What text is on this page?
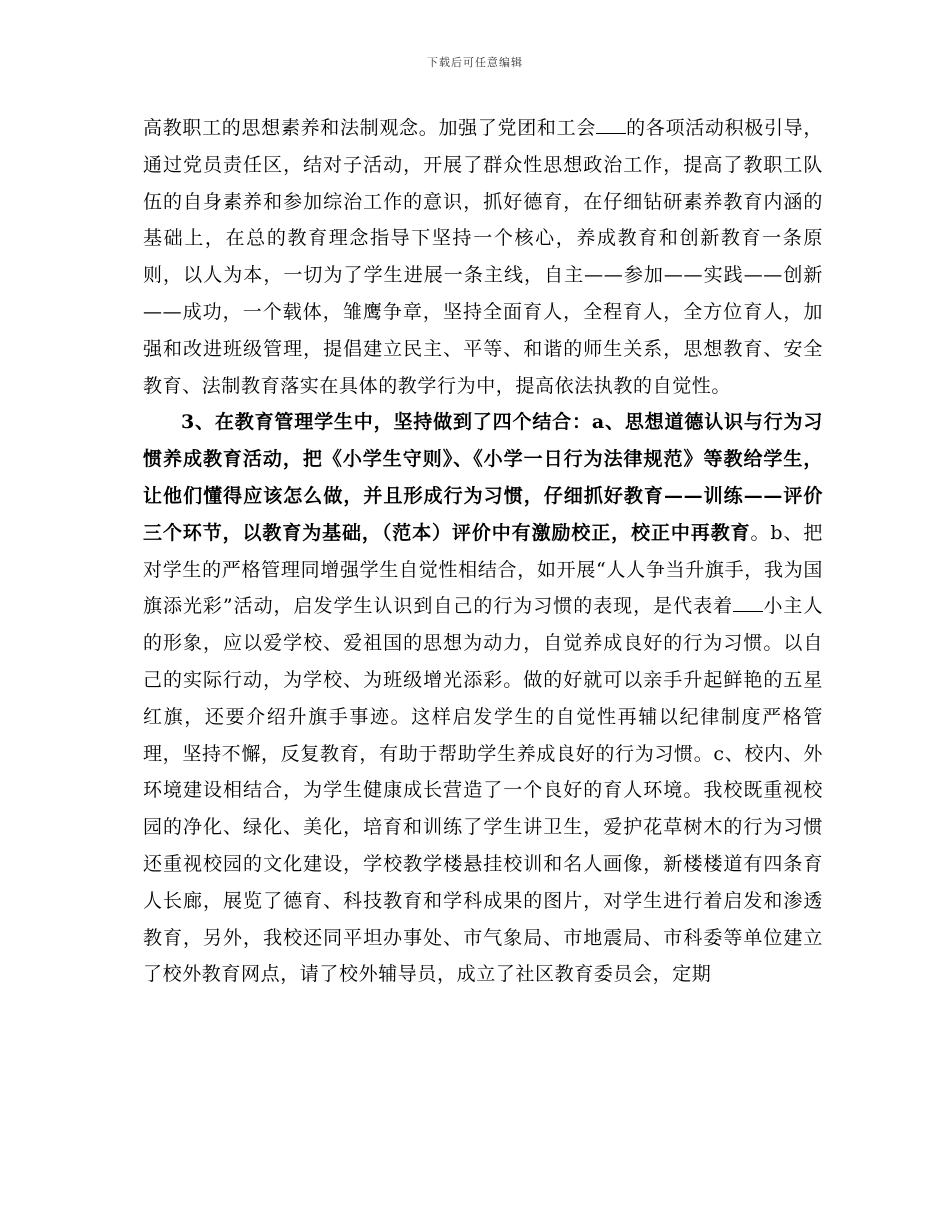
下载后可任意编辑

高教职工的思想素养和法制观念。加强了党团和工会 的各项活动积极引导，通过党员责任区，结对子活动，开展了群众性思想政治工作，提高了教职工队伍的自身素养和参加综治工作的意识，抓好德育，在仔细钻研素养教育内涵的基础上，在总的教育理念指导下坚持一个核心，养成教育和创新教育一条原则，以人为本，一切为了学生进展一条主线，自主——参加——实践——创新——成功，一个载体，雏鹰争章，坚持全面育人，全程育人，全方位育人，加强和改进班级管理，提倡建立民主、平等、和谐的师生关系，思想教育、安全教育、法制教育落实在具体的教学行为中，提高依法执教的自觉性。

3、在教育管理学生中，坚持做到了四个结合：a、思想道德认识与行为习惯养成教育活动，把《小学生守则》、《小学一日行为法律规范》等教给学生，让他们懂得应该怎么做，并且形成行为习惯，仔细抓好教育——训练——评价三个环节，以教育为基础，（范本）评价中有激励校正，校正中再教育。b、把对学生的严格管理同增强学生自觉性相结合，如开展“人人争当升旗手，我为国旗添光彩”活动，启发学生认识到自己的行为习惯的表现，是代表着 小主人的形象，应以爱学校、爱祖国的思想为动力，自觉养成良好的行为习惯。以自己的实际行动，为学校、为班级增光添彩。做的好就可以亲手升起鲜艳的五星红旗，还要介绍升旗手事迹。这样启发学生的自觉性再辅以纪律制度严格管理，坚持不懈，反复教育，有助于帮助学生养成良好的行为习惯。c、校内、外环境建设相结合，为学生健康成长营造了一个良好的育人环境。我校既重视校园的净化、绿化、美化，培育和训练了学生讲卫生，爱护花草树木的行为习惯还重视校园的文化建设，学校教学楼悬挂校训和名人画像，新楼楼道有四条育人长廊，展览了德育、科技教育和学科成果的图片，对学生进行着启发和渗透教育，另外，我校还同平坦办事处、市气象局、市地震局、市科委等单位建立了校外教育网点，请了校外辅导员，成立了社区教育委员会，定期
